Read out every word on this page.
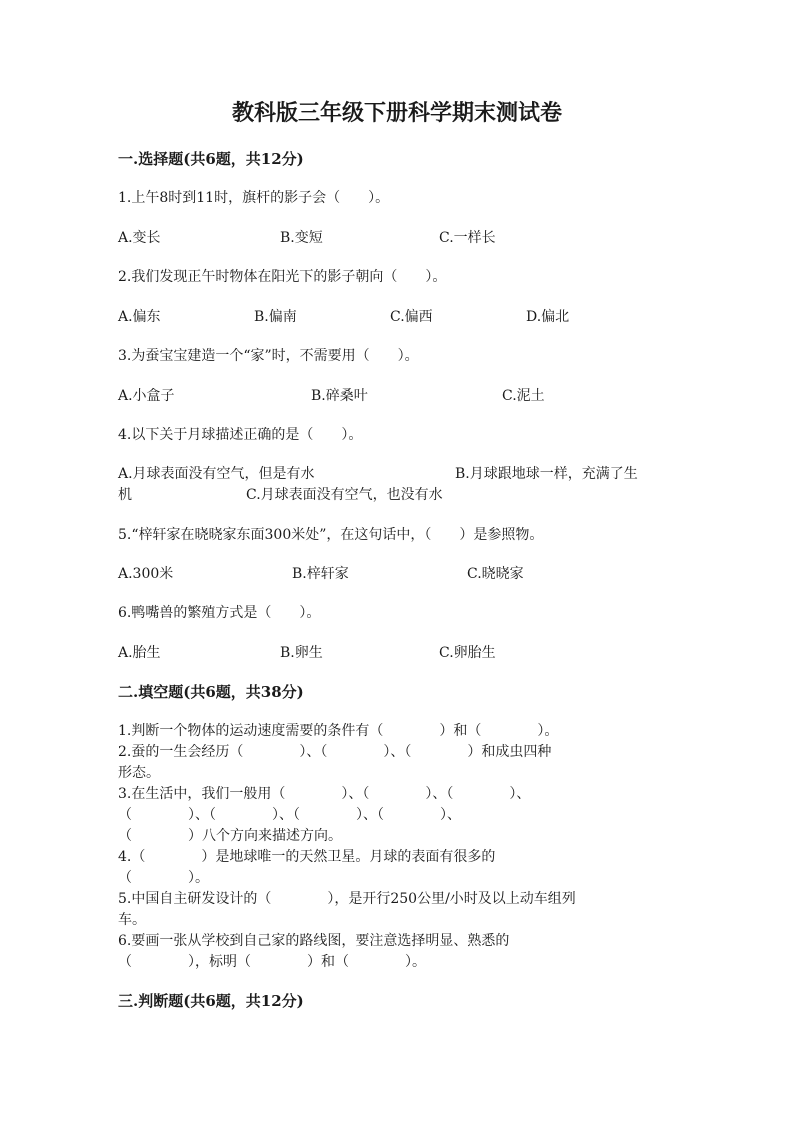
教科版三年级下册科学期末测试卷
一.选择题(共6题，共12分)
1.上午8时到11时，旗杆的影子会（　　）。
A.变长	B.变短	C.一样长
2.我们发现正午时物体在阳光下的影子朝向（　　）。
A.偏东	B.偏南	C.偏西	D.偏北
3.为蚕宝宝建造一个“家”时，不需要用（　　）。
A.小盒子	B.碎桑叶	C.泥土
4.以下关于月球描述正确的是（　　）。
A.月球表面没有空气，但是有水	B.月球跟地球一样，充满了生
机	C.月球表面没有空气，也没有水
5.“梓轩家在晓晓家东面300米处”，在这句话中，（　　）是参照物。
A.300米	B.梓轩家	C.晓晓家
6.鸭嘴兽的繁殖方式是（　　）。
A.胎生	B.卵生	C.卵胎生
二.填空题(共6题，共38分)
1.判断一个物体的运动速度需要的条件有（　　　　）和（　　　　）。
2.蚕的一生会经历（　　　　）、（　　　　）、（　　　　）和成虫四种
形态。
3.在生活中，我们一般用（　　　　）、（　　　　）、（　　　　）、
（　　　　）、（　　　　）、（　　　　）、（　　　　）、
（　　　　）八个方向来描述方向。
4.（　　　　）是地球唯一的天然卫星。月球的表面有很多的
（　　　　）。
5.中国自主研发设计的（　　　　），是开行250公里/小时及以上动车组列
车。
6.要画一张从学校到自己家的路线图，要注意选择明显、熟悉的
（　　　　），标明（　　　　）和（　　　　）。
三.判断题(共6题，共12分)
